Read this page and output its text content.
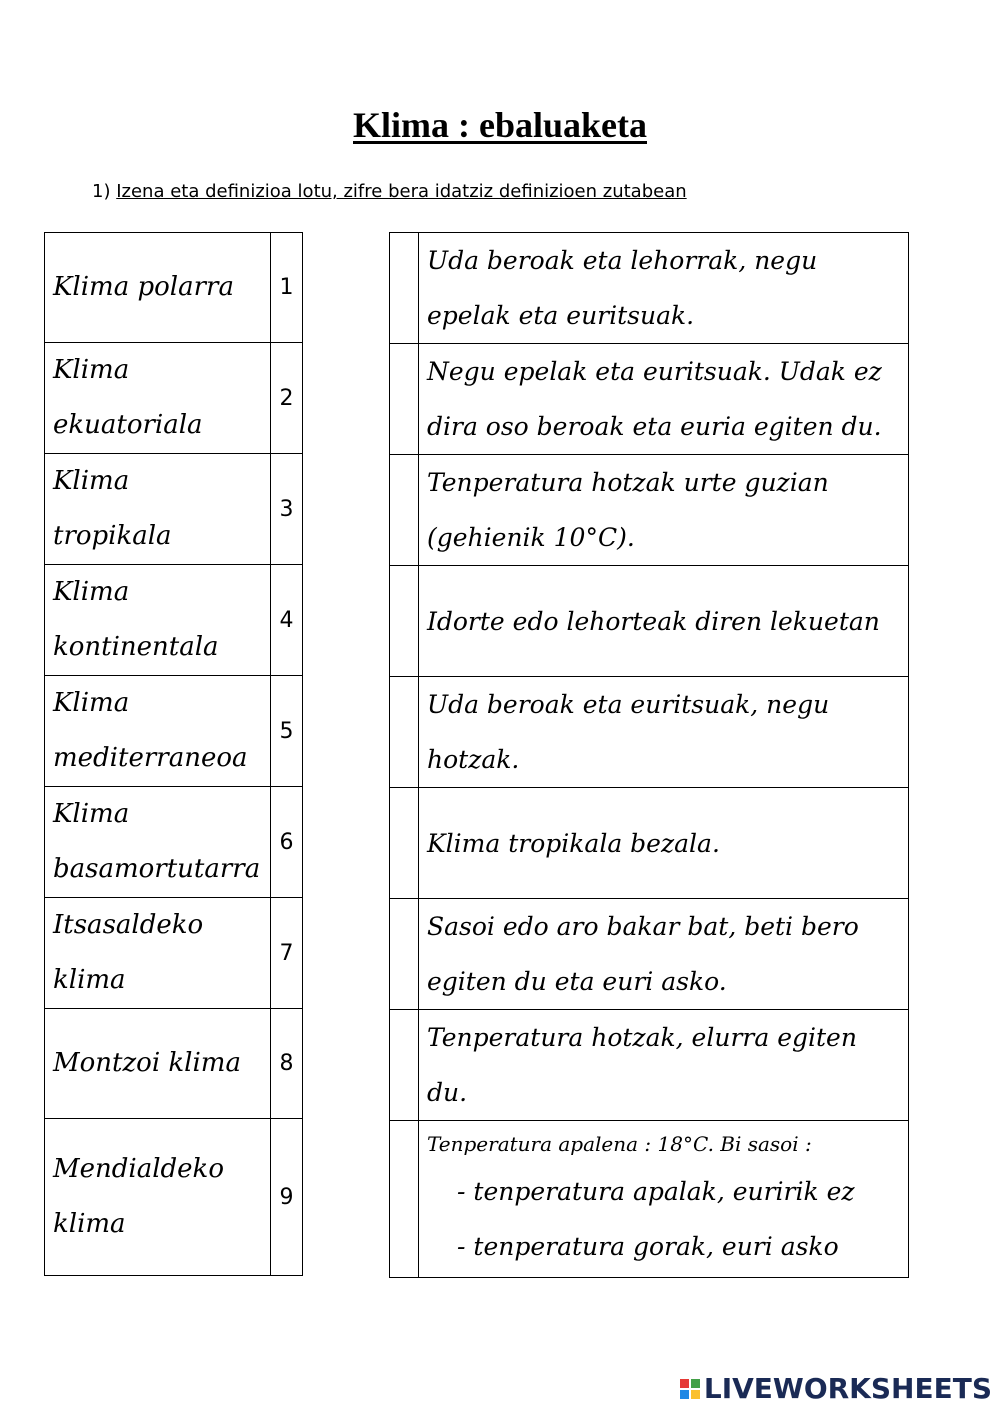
Klima : ebaluaketa
1) Izena eta definizioa lotu, zifre bera idatziz definizioen zutabean
Klima polarra	1

Klima
ekuatoriala	2

Klima
tropikala	3

Klima
kontinentala	4

Klima
mediterraneoa	5

Klima
basamortutarra	6

Itsasaldeko
klima	7

Montzoi klima	8

Mendialdeko
klima	9
	Uda beroak eta lehorrak, negu epelak eta euritsuak.
	Negu epelak eta euritsuak. Udak ez dira oso beroak eta euria egiten du.
	Tenperatura hotzak urte guzian (gehienik 10°C).
	Idorte edo lehorteak diren lekuetan
	Uda beroak eta euritsuak, negu hotzak.
	Klima tropikala bezala.
	Sasoi edo aro bakar bat, beti bero egiten du eta euri asko.
	Tenperatura hotzak, elurra egiten du.

	Tenperatura apalena : 18°C. Bi sasoi :
- tenperatura apalak, euririk ez
- tenperatura gorak, euri asko
LIVEWORKSHEETS
